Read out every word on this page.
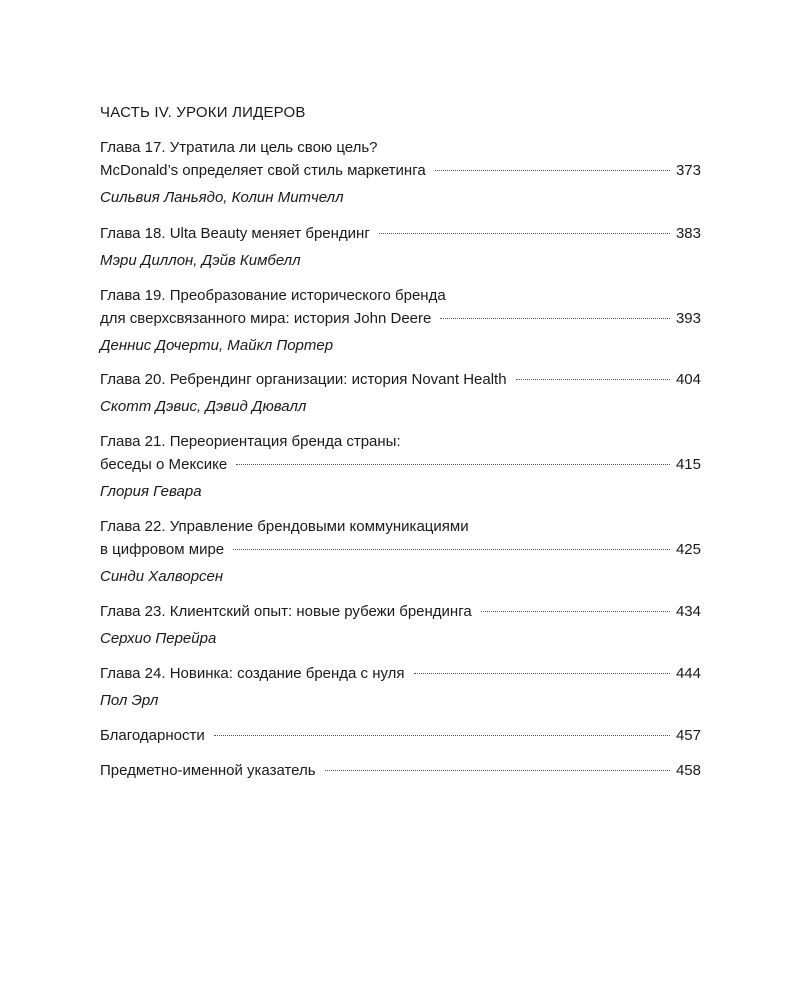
ЧАСТЬ IV. УРОКИ ЛИДЕРОВ
Глава 17. Утратила ли цель свою цель?
McDonald’s определяет свой стиль маркетинга	373
Сильвия Ланьядо, Колин Митчелл
Глава 18. Ulta Beauty меняет брендинг	383
Мэри Диллон, Дэйв Кимбелл
Глава 19. Преобразование исторического бренда
для сверхсвязанного мира: история John Deere	393
Деннис Дочерти, Майкл Портер
Глава 20. Ребрендинг организации: история Novant Health	404
Скотт Дэвис, Дэвид Дювалл
Глава 21. Переориентация бренда страны:
беседы о Мексике	415
Глория Гевара
Глава 22. Управление брендовыми коммуникациями
в цифровом мире	425
Синди Халворсен
Глава 23. Клиентский опыт: новые рубежи брендинга	434
Серхио Перейра
Глава 24. Новинка: создание бренда с нуля	444
Пол Эрл
Благодарности	457
Предметно-именной указатель	458
